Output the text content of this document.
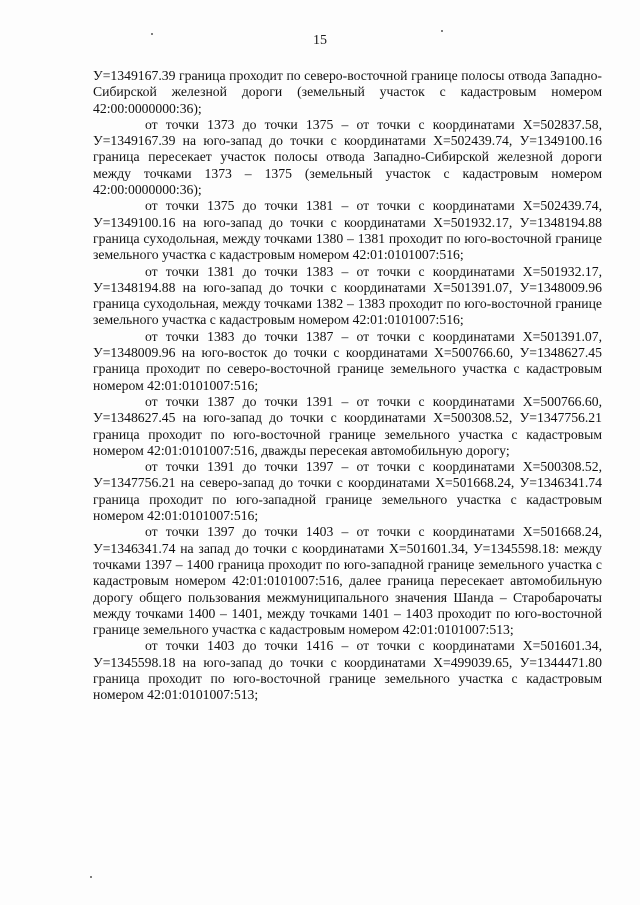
15

У=1349167.39 граница проходит по северо-восточной границе полосы отвода Западно-Сибирской железной дороги (земельный участок с кадастровым номером 42:00:0000000:36);

от точки 1373 до точки 1375 – от точки с координатами Х=502837.58, У=1349167.39 на юго-запад до точки с координатами Х=502439.74, У=1349100.16 граница пересекает участок полосы отвода Западно-Сибирской железной дороги между точками 1373 – 1375 (земельный участок с кадастровым номером 42:00:0000000:36);

от точки 1375 до точки 1381 – от точки с координатами Х=502439.74, У=1349100.16 на юго-запад до точки с координатами Х=501932.17, У=1348194.88 граница суходольная, между точками 1380 – 1381 проходит по юго-восточной границе земельного участка с кадастровым номером 42:01:0101007:516;

от точки 1381 до точки 1383 – от точки с координатами Х=501932.17, У=1348194.88 на юго-запад до точки с координатами Х=501391.07, У=1348009.96 граница суходольная, между точками 1382 – 1383 проходит по юго-восточной границе земельного участка с кадастровым номером 42:01:0101007:516;

от точки 1383 до точки 1387 – от точки с координатами Х=501391.07, У=1348009.96 на юго-восток до точки с координатами Х=500766.60, У=1348627.45 граница проходит по северо-восточной границе земельного участка с кадастровым номером 42:01:0101007:516;

от точки 1387 до точки 1391 – от точки с координатами Х=500766.60, У=1348627.45 на юго-запад до точки с координатами Х=500308.52, У=1347756.21 граница проходит по юго-восточной границе земельного участка с кадастровым номером 42:01:0101007:516, дважды пересекая автомобильную дорогу;

от точки 1391 до точки 1397 – от точки с координатами Х=500308.52, У=1347756.21 на северо-запад до точки с координатами Х=501668.24, У=1346341.74 граница проходит по юго-западной границе земельного участка с кадастровым номером 42:01:0101007:516;

от точки 1397 до точки 1403 – от точки с координатами Х=501668.24, У=1346341.74 на запад до точки с координатами Х=501601.34, У=1345598.18: между точками 1397 – 1400 граница проходит по юго-западной границе земельного участка с кадастровым номером 42:01:0101007:516, далее граница пересекает автомобильную дорогу общего пользования межмуниципального значения Шанда – Старобарочаты между точками 1400 – 1401, между точками 1401 – 1403 проходит по юго-восточной границе земельного участка с кадастровым номером 42:01:0101007:513;

от точки 1403 до точки 1416 – от точки с координатами Х=501601.34, У=1345598.18 на юго-запад до точки с координатами Х=499039.65, У=1344471.80 граница проходит по юго-восточной границе земельного участка с кадастровым номером 42:01:0101007:513;
